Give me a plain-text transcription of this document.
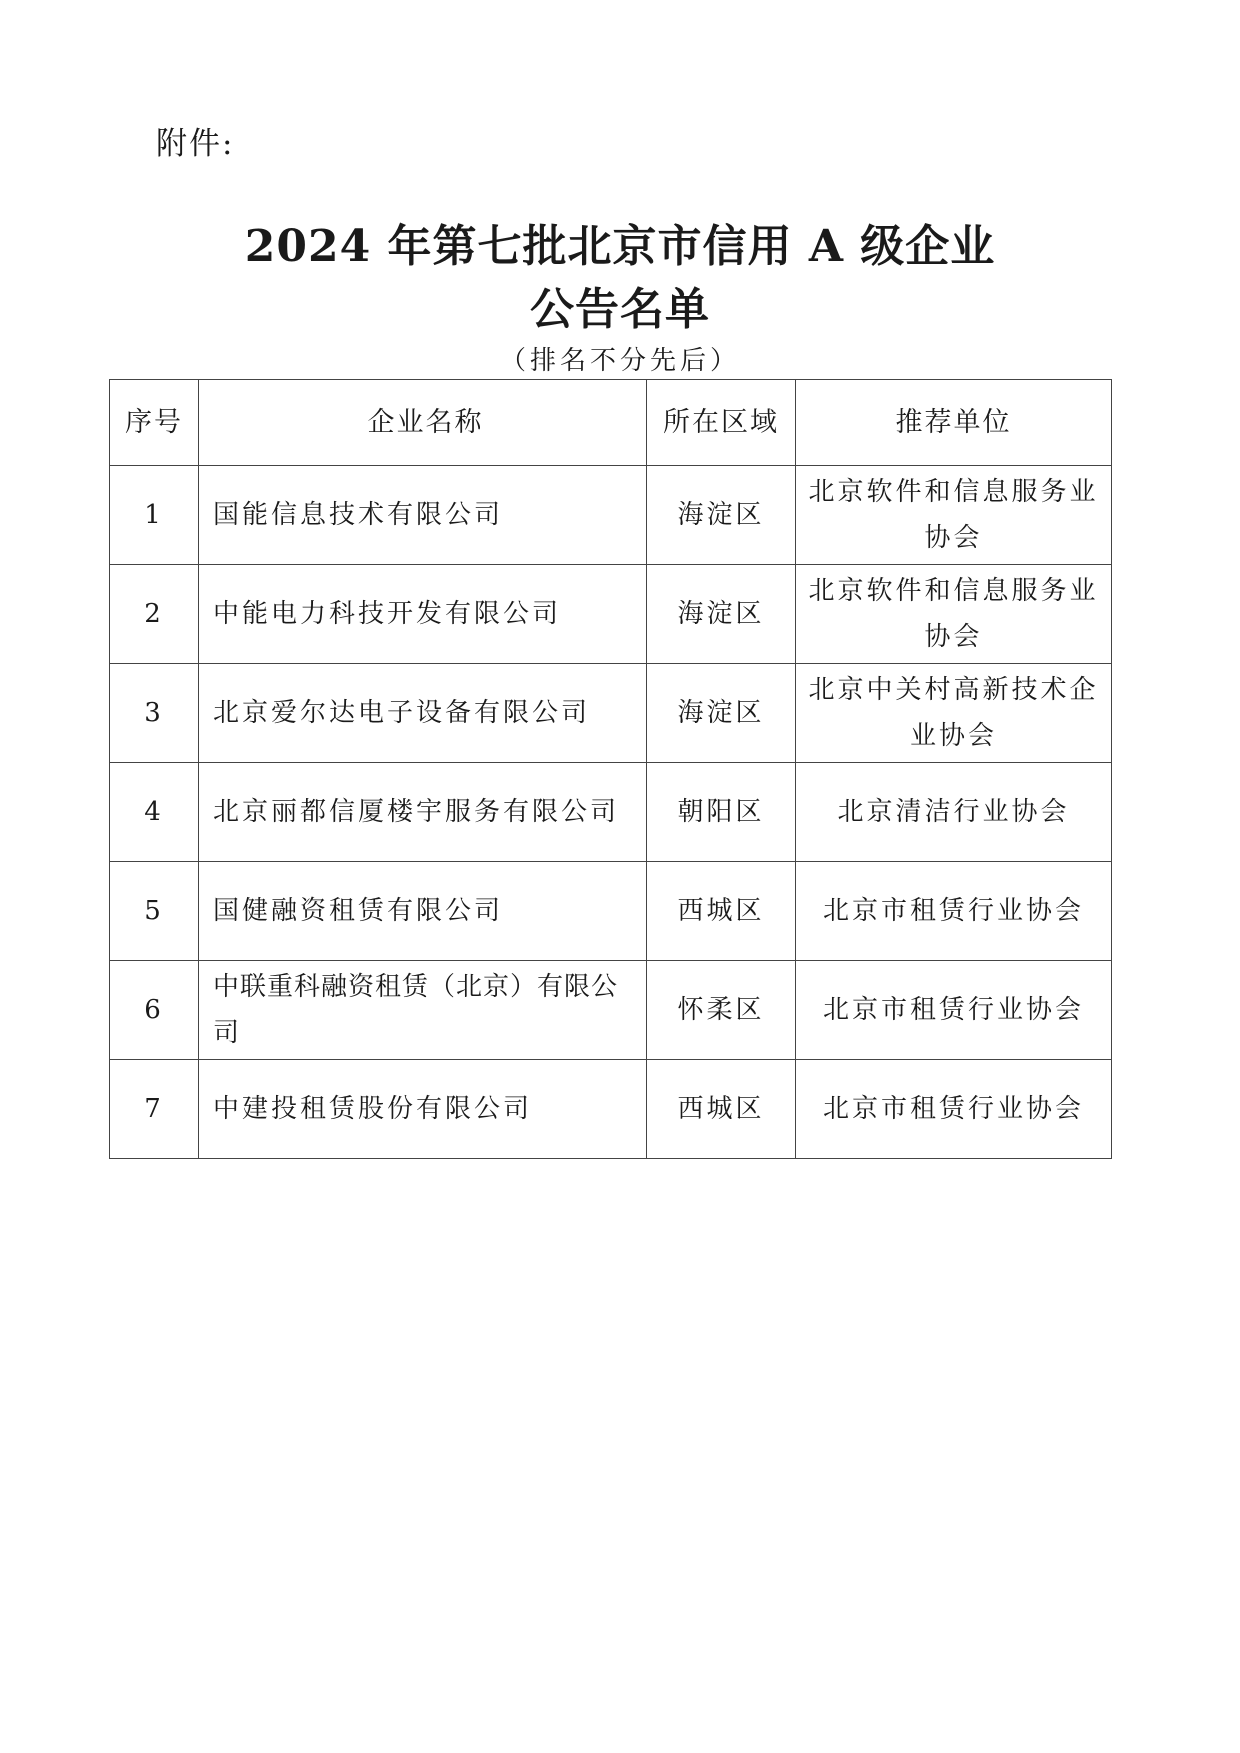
附件:
2024 年第七批北京市信用 A 级企业
公告名单
（排名不分先后）
序号	企业名称	所在区域	推荐单位
1	国能信息技术有限公司	海淀区	北京软件和信息服务业协会
2	中能电力科技开发有限公司	海淀区	北京软件和信息服务业协会
3	北京爱尔达电子设备有限公司	海淀区	北京中关村高新技术企业协会
4	北京丽都信厦楼宇服务有限公司	朝阳区	北京清洁行业协会
5	国健融资租赁有限公司	西城区	北京市租赁行业协会
6	中联重科融资租赁（北京）有限公司	怀柔区	北京市租赁行业协会
7	中建投租赁股份有限公司	西城区	北京市租赁行业协会
